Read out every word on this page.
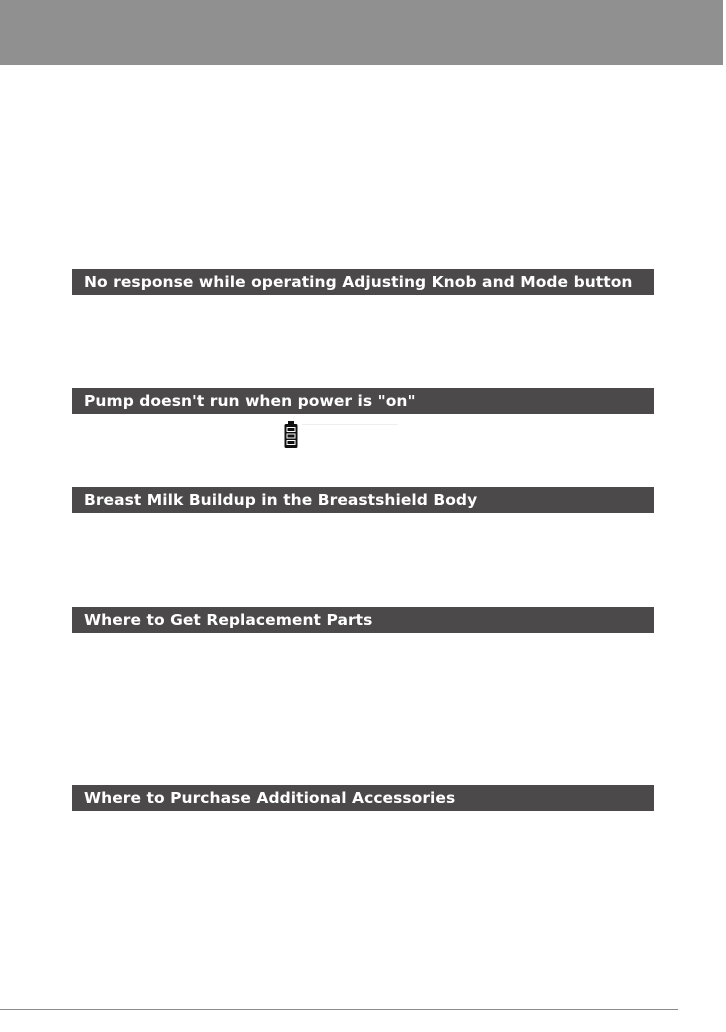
No response while operating Adjusting Knob and Mode button
Pump doesn't run when power is "on"
Breast Milk Buildup in the Breastshield Body
Where to Get Replacement Parts
Where to Purchase Additional Accessories
